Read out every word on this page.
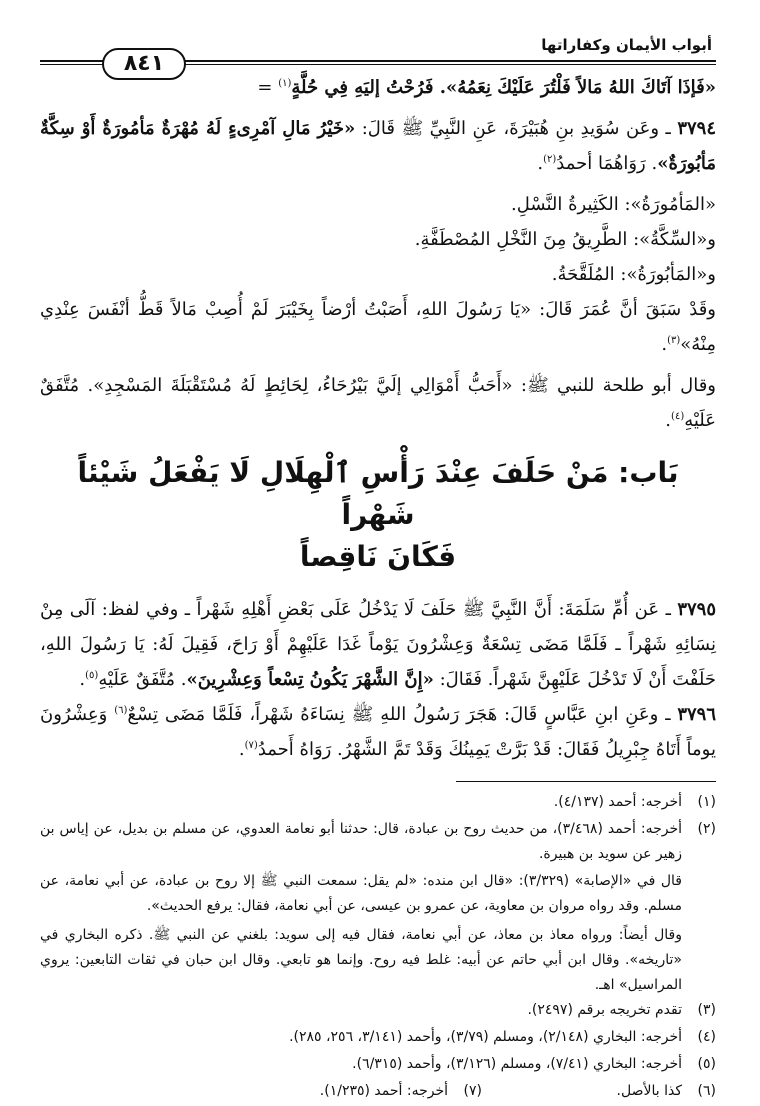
أبواب الأيمان وكفاراتها
٨٤١

«فَإذَا آتَاكَ اللهُ مَالاً فَلْتُرَ عَلَيْكَ نِعَمُهُ». فَرُحْتُ إليَهِ فِي حُلَّةٍ$^{(١)}$ =

٣٧٩٤ ـ وعَن سُوَيدِ بنِ هُبَيْرَةَ، عَنِ النَّبِيِّ ﷺ قَالَ: «خَيْرُ مَالِ آمْرِىءٍ لَهُ مُهْرَةٌ مَأمُورَةٌ أَوْ سِكَّةٌ مَأبُورَةٌ». رَوَاهُمَا أحمدُ$^{(٢)}$.

«المَأمُورَةُ»: الكَثِيرةُ النَّسْلِ.

و«السِّكَّةُ»: الطَّرِيقُ مِنَ النَّخْلِ المُصْطَفَّةِ.

و«المَأبُورَةُ»: المُلَقَّحَةُ.

وقَدْ سَبَقَ أنَّ عُمَرَ قَالَ: «يَا رَسُولَ اللهِ، أَصَبْتُ أرْضاً بِخَيْبَرَ لَمْ أُصِبْ مَالاً قَطُّ أنْفَسَ عِنْدِي مِنْهُ»$^{(٣)}$.

وقال أبو طلحة للنبي ﷺ: «أَحَبُّ أَمْوَالِي إلَيَّ بَيْرُحَاءُ، لِحَائِطٍ لَهُ مُسْتَقْبَلَةَ المَسْجِدِ». مُتَّفَقٌ عَلَيْهِ$^{(٤)}$.

بَاب: مَنْ حَلَفَ عِنْدَ رَأْسِ ٱلْهِلَالِ لَا يَفْعَلُ شَيْئاً شَهْراً
فَكَانَ نَاقِصاً

٣٧٩٥ ـ عَن أُمِّ سَلَمَةَ: أَنَّ النَّبِيَّ ﷺ حَلَفَ لَا يَدْخُلُ عَلَى بَعْضِ أَهْلِهِ شَهْراً ـ وفي لفظ: آلَى مِنْ نِسَائِهِ شَهْراً ـ فَلَمَّا مَضَى تِسْعَةٌ وَعِشْرُونَ يَوْماً غَدَا عَلَيْهِمْ أَوْ رَاحَ، فَقِيلَ لَهُ: يَا رَسُولَ اللهِ، حَلَفْتَ أَنْ لَا تَدْخُلَ عَلَيْهِنَّ شَهْراً. فَقَالَ: «إِنَّ الشَّهْرَ يَكُونُ تِسْعاً وَعِشْرِينَ». مُتَّفَقٌ عَلَيْهِ$^{(٥)}$.

٣٧٩٦ ـ وعَنِ ابنِ عَبَّاسٍ قَالَ: هَجَرَ رَسُولُ اللهِ ﷺ نِسَاءَهُ شَهْراً، فَلَمَّا مَضَى تِسْعٌ$^{(٦)}$ وَعِشْرُونَ يوماً أَتَاهُ جِبْرِيلُ فَقَالَ: قَدْ بَرَّتْ يَمِينُكَ وَقَدْ تَمَّ الشَّهْرُ. رَوَاهُ أَحمدُ$^{(٧)}$.

(١)
أخرجه: أحمد (٤/١٣٧).
(٢)
أخرجه: أحمد (٣/٤٦٨)، من حديث روح بن عبادة، قال: حدثنا أبو نعامة العدوي، عن مسلم بن بديل، عن إياس بن زهير عن سويد بن هبيرة.
قال في «الإصابة» (٣/٣٢٩): «قال ابن منده: «لم يقل: سمعت النبي ﷺ إلا روح بن عبادة، عن أبي نعامة، عن مسلم. وقد رواه مروان بن معاوية، عن عمرو بن عيسى، عن أبي نعامة، فقال: يرفع الحديث».
وقال أيضاً: ورواه معاذ بن معاذ، عن أبي نعامة، فقال فيه إلى سويد: بلغني عن النبي ﷺ. ذكره البخاري في «تاريخه». وقال ابن أبي حاتم عن أبيه: غلط فيه روح. وإنما هو تابعي. وقال ابن حبان في ثقات التابعين: يروي المراسيل» اهـ.
(٣)
تقدم تخريجه برقم (٢٤٩٧).
(٤)
أخرجه: البخاري (٢/١٤٨)، ومسلم (٣/٧٩)، وأحمد (٣/١٤١، ٢٥٦، ٢٨٥).
(٥)
أخرجه: البخاري (٧/٤١)، ومسلم (٣/١٢٦)، وأحمد (٦/٣١٥).
(٦)
كذا بالأصل.
(٧)
أخرجه: أحمد (١/٢٣٥).
